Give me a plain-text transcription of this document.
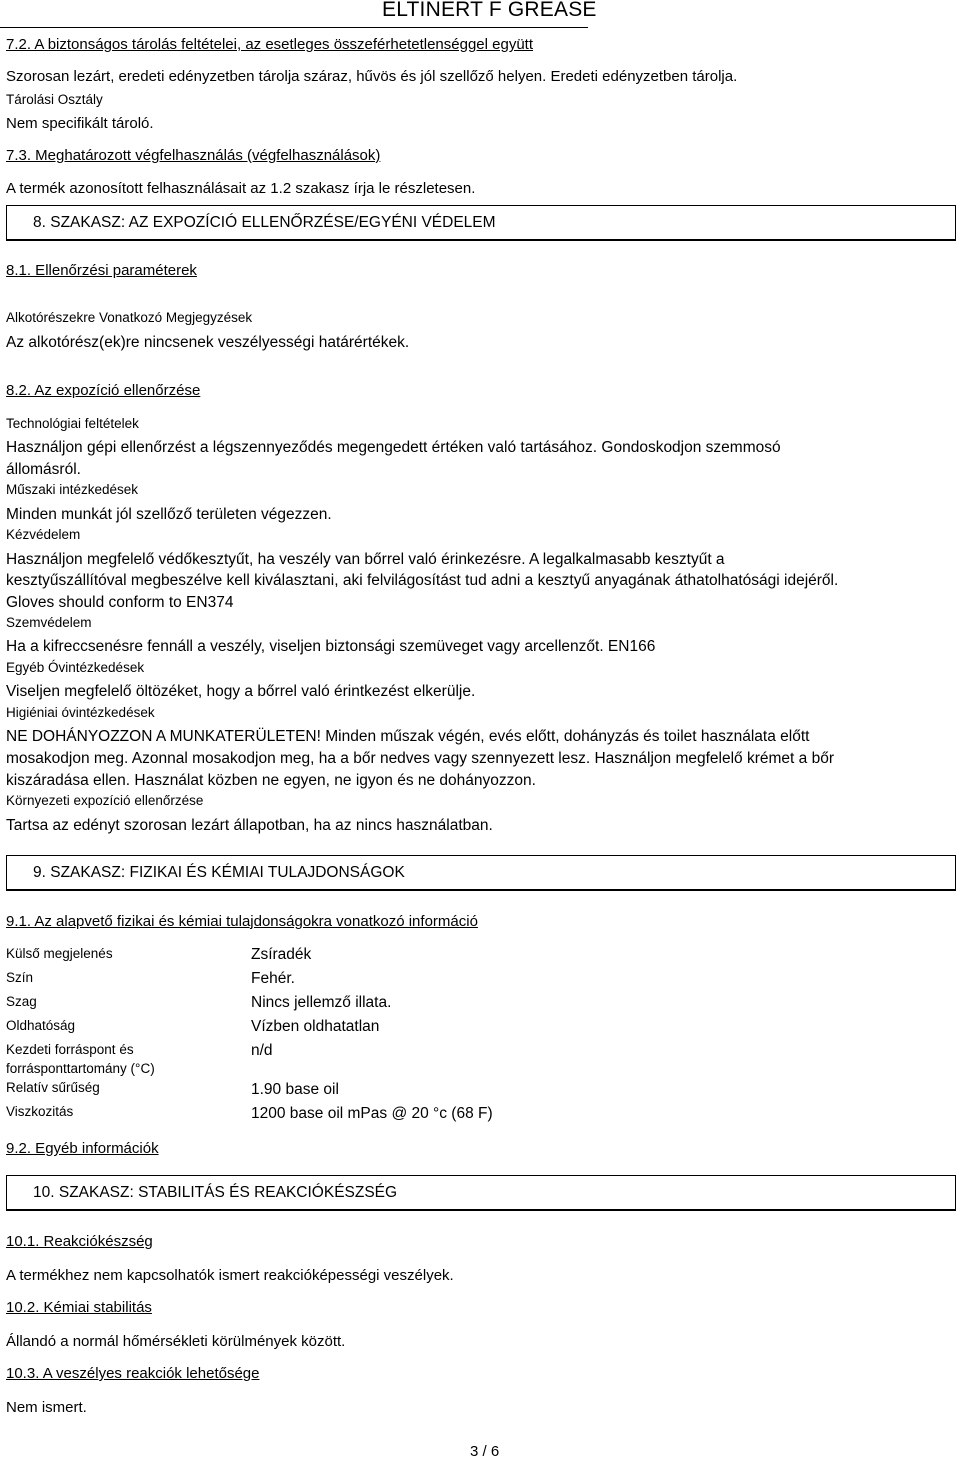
ELTINERT F GREASE
7.2. A biztonságos tárolás feltételei, az esetleges összeférhetetlenséggel együtt
Szorosan lezárt, eredeti edényzetben tárolja száraz, hűvös és jól szellőző helyen. Eredeti edényzetben tárolja.
Tárolási Osztály
Nem specifikált tároló.
7.3. Meghatározott végfelhasználás (végfelhasználások)
A termék azonosított felhasználásait az 1.2 szakasz írja le részletesen.
8. SZAKASZ: AZ EXPOZÍCIÓ ELLENŐRZÉSE/EGYÉNI VÉDELEM
8.1. Ellenőrzési paraméterek
Alkotórészekre Vonatkozó Megjegyzések
Az alkotórész(ek)re nincsenek veszélyességi határértékek.
8.2. Az expozíció ellenőrzése
Technológiai feltételek
Használjon gépi ellenőrzést a légszennyeződés megengedett értéken való tartásához. Gondoskodjon szemmosó
állomásról.
Műszaki intézkedések
Minden munkát jól szellőző területen végezzen.
Kézvédelem
Használjon megfelelő védőkesztyűt, ha veszély van bőrrel való érinkezésre. A legalkalmasabb kesztyűt a
kesztyűszállítóval megbeszélve kell kiválasztani, aki felvilágosítást tud adni a kesztyű anyagának áthatolhatósági idejéről.
Gloves should conform to EN374
Szemvédelem
Ha a kifreccsenésre fennáll a veszély, viseljen biztonsági szemüveget vagy arcellenzőt. EN166
Egyéb Óvintézkedések
Viseljen megfelelő öltözéket, hogy a bőrrel való érintkezést elkerülje.
Higiéniai óvintézkedések
NE DOHÁNYOZZON A MUNKATERÜLETEN! Minden műszak végén, evés előtt, dohányzás és toilet használata előtt
mosakodjon meg. Azonnal mosakodjon meg, ha a bőr nedves vagy szennyezett lesz. Használjon megfelelő krémet a bőr
kiszáradása ellen. Használat közben ne egyen, ne igyon és ne dohányozzon.
Környezeti expozíció ellenőrzése
Tartsa az edényt szorosan lezárt állapotban, ha az nincs használatban.
9. SZAKASZ: FIZIKAI ÉS KÉMIAI TULAJDONSÁGOK
9.1. Az alapvető fizikai és kémiai tulajdonságokra vonatkozó információ
Külső megjelenés	Zsíradék
Szín	Fehér.
Szag	Nincs jellemző illata.
Oldhatóság	Vízben oldhatatlan
Kezdeti forráspont és
forrásponttartomány (°C)
n/d
Relatív sűrűség	1.90 base oil
Viszkozitás	1200 base oil mPas @ 20 °c (68 F)
9.2. Egyéb információk
10. SZAKASZ: STABILITÁS ÉS REAKCIÓKÉSZSÉG
10.1. Reakciókészség
A termékhez nem kapcsolhatók ismert reakcióképességi veszélyek.
10.2. Kémiai stabilitás
Állandó a normál hőmérsékleti körülmények között.
10.3. A veszélyes reakciók lehetősége
Nem ismert.
3 / 6
